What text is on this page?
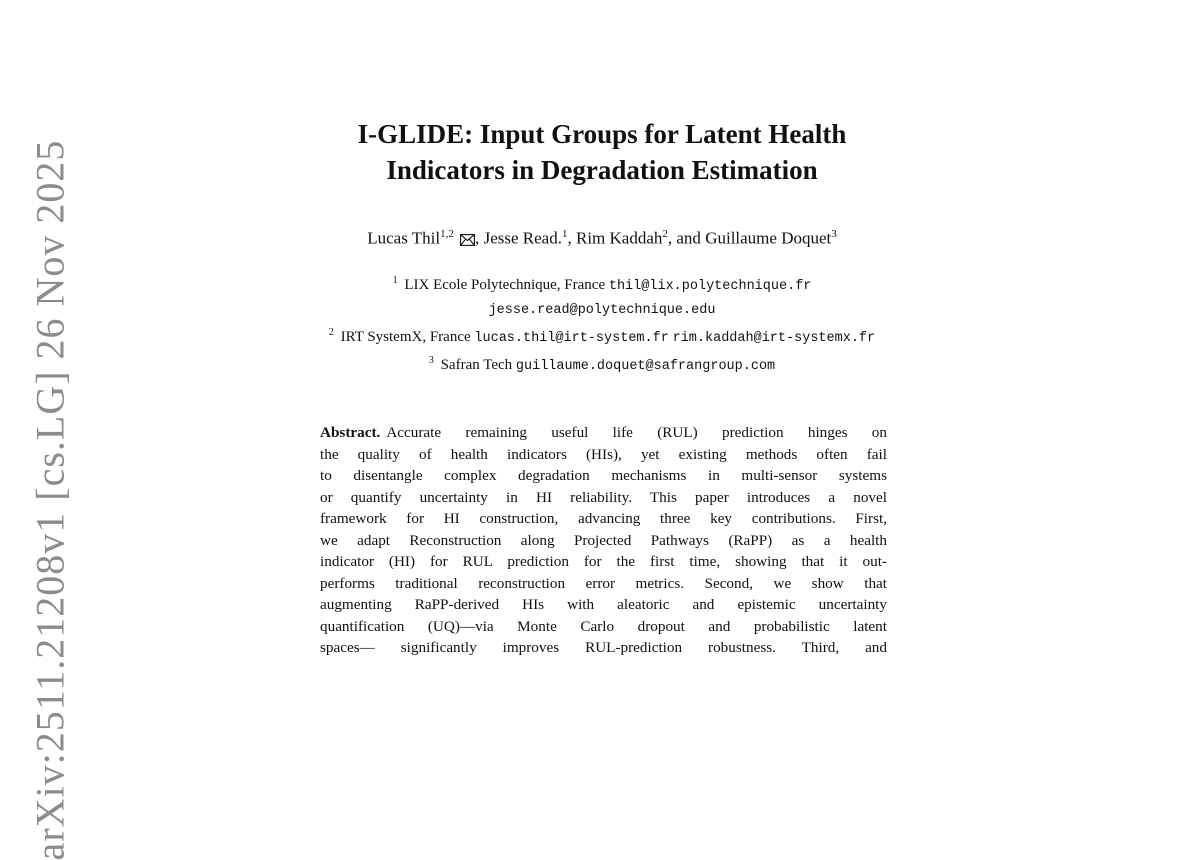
arXiv:2511.21208v1 [cs.LG] 26 Nov 2025
I-GLIDE: Input Groups for Latent Health
Indicators in Degradation Estimation
Lucas Thil$^{1,2}$ , Jesse Read.$^1$, Rim Kaddah$^2$, and Guillaume Doquet$^3$
$^1$ LIX Ecole Polytechnique, France thil@lix.polytechnique.fr
jesse.read@polytechnique.edu
$^2$ IRT SystemX, France lucas.thil@irt-system.fr rim.kaddah@irt-systemx.fr
$^3$ Safran Tech guillaume.doquet@safrangroup.com
Abstract. Accurate remaining useful life (RUL) prediction hinges on
the quality of health indicators (HIs), yet existing methods often fail
to disentangle complex degradation mechanisms in multi-sensor systems
or quantify uncertainty in HI reliability. This paper introduces a novel
framework for HI construction, advancing three key contributions. First,
we adapt Reconstruction along Projected Pathways (RaPP) as a health
indicator (HI) for RUL prediction for the first time, showing that it out-
performs traditional reconstruction error metrics. Second, we show that
augmenting RaPP-derived HIs with aleatoric and epistemic uncertainty
quantification (UQ)—via Monte Carlo dropout and probabilistic latent
spaces— significantly improves RUL-prediction robustness. Third, and
